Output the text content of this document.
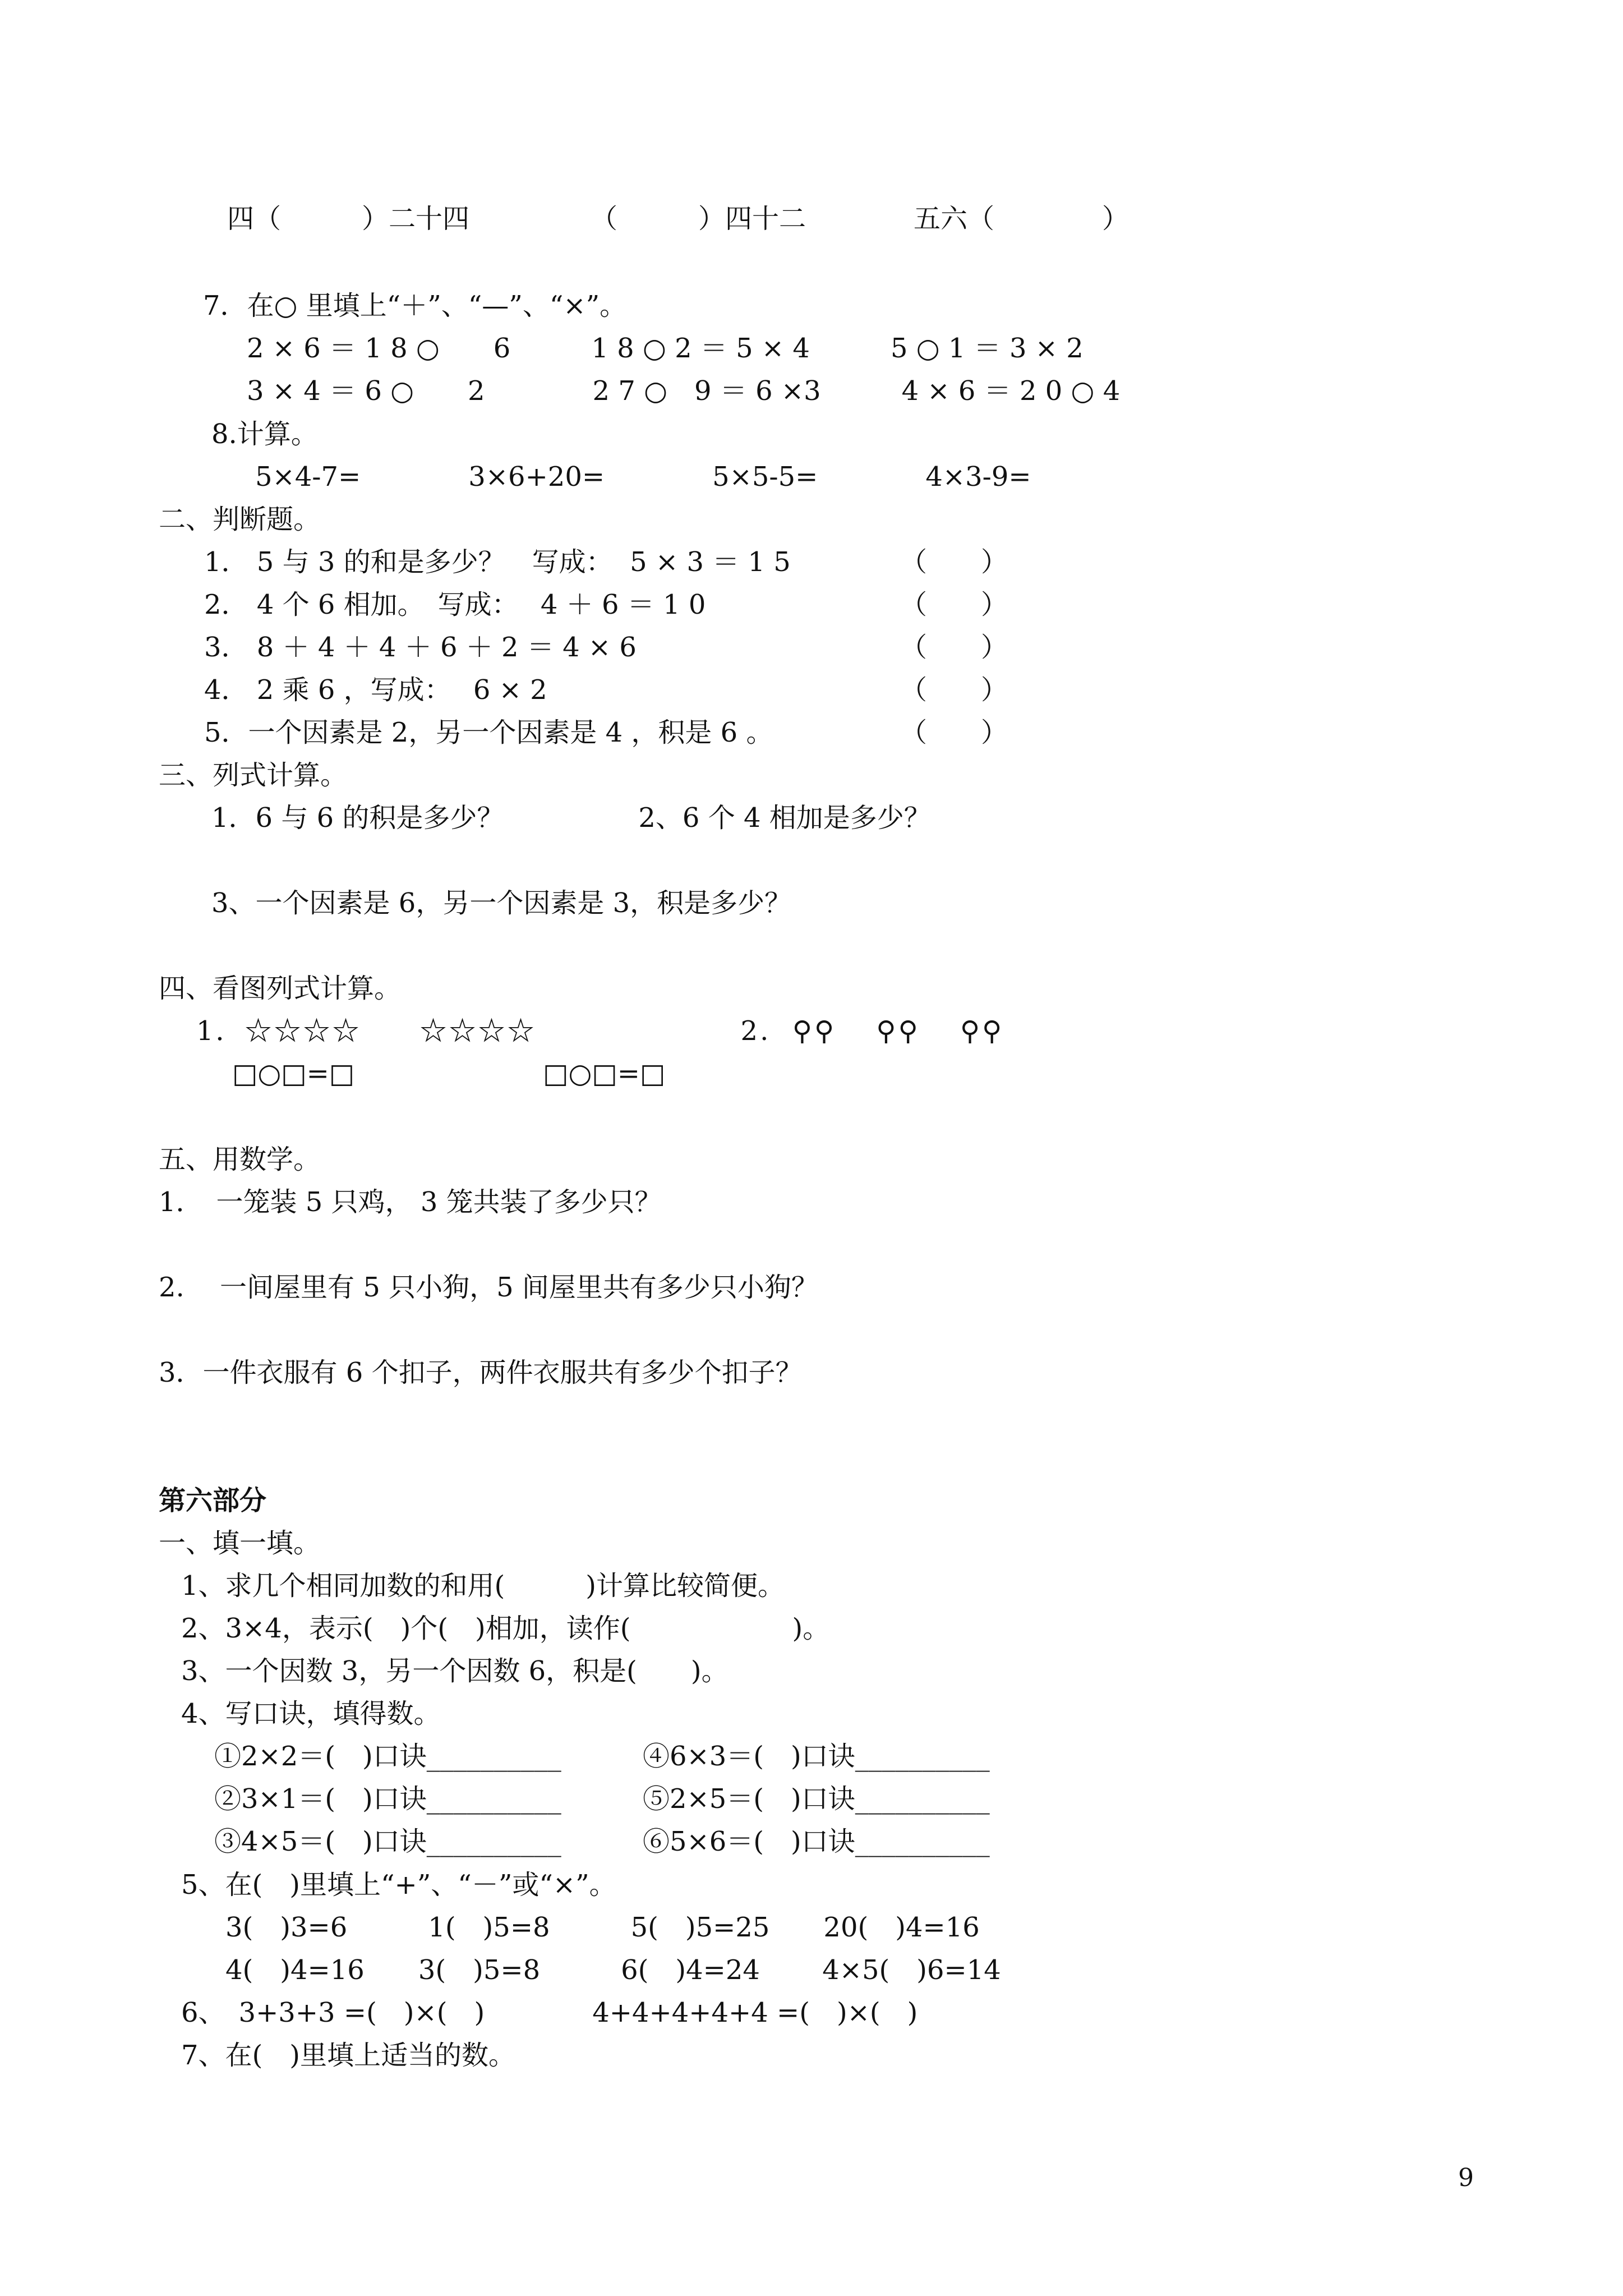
四（　　　）二十四　　　　　（　　　）四十二　　　　五六（　　　　）
7．在○ 里填上“＋”、“—”、“×”。
2 × 6 ＝ 1 8 ○　　6　　　1 8 ○ 2 ＝ 5 × 4　　　5 ○ 1 ＝ 3 × 2
3 × 4 ＝ 6 ○　　2　　　　2 7 ○　9 ＝ 6 ×3　　　4 × 6 ＝ 2 0 ○ 4
8.计算。
5×4-7=　　　　3×6+20=　　　　5×5-5=　　　　4×3-9=
二、判断题。
1． 5 与 3 的和是多少？　写成：  5 × 3 ＝ 1 5	（　　）
2． 4 个 6 相加。　写成：　 4 ＋ 6 ＝ 1 0	（　　）
3． 8 ＋ 4 ＋ 4 ＋ 6 ＋ 2 ＝ 4 × 6	（　　）
4． 2 乘 6 ，写成：　 6 × 2	（　　）
5．一个因素是 2，另一个因素是 4 ，积是 6 。	（　　）
三、列式计算。
1．6 与 6 的积是多少？　　　　　2、6 个 4 相加是多少？
3、一个因素是 6，另一个因素是 3，积是多少？
四、看图列式计算。
1．☆☆☆☆　　☆☆☆☆　　　　　　　2.  ⚲⚲　 ⚲⚲　 ⚲⚲
□○□=□　　　　　　　□○□=□
五、用数学。
1．　一笼装 5 只鸡， 3 笼共装了多少只？
2.　 一间屋里有 5 只小狗，5 间屋里共有多少只小狗？
3．一件衣服有 6 个扣子，两件衣服共有多少个扣子？
第六部分
一、填一填。
1、求几个相同加数的和用(　　　)计算比较简便。
2、3×4，表示(　)个(　)相加，读作(　　　　　　)。
3、一个因数 3，另一个因数 6，积是(　　)。
4、写口诀，填得数。
①2×2＝(　)口诀__________	④6×3＝(　)口诀__________
②3×1＝(　)口诀__________	⑤2×5＝(　)口诀__________
③4×5＝(　)口诀__________	⑥5×6＝(　)口诀__________
5、在(　)里填上“+”、“－”或“×”。
3(　)3=6　　　1(　)5=8　　　5(　)5=25　　20(　)4=16
4(　)4=16　　3(　)5=8　　　6(　)4=24　　 4×5(　)6=14
6、　3+3+3 =(　)×(　)　　　　4+4+4+4+4 =(　)×(　)
7、在(　)里填上适当的数。
9
